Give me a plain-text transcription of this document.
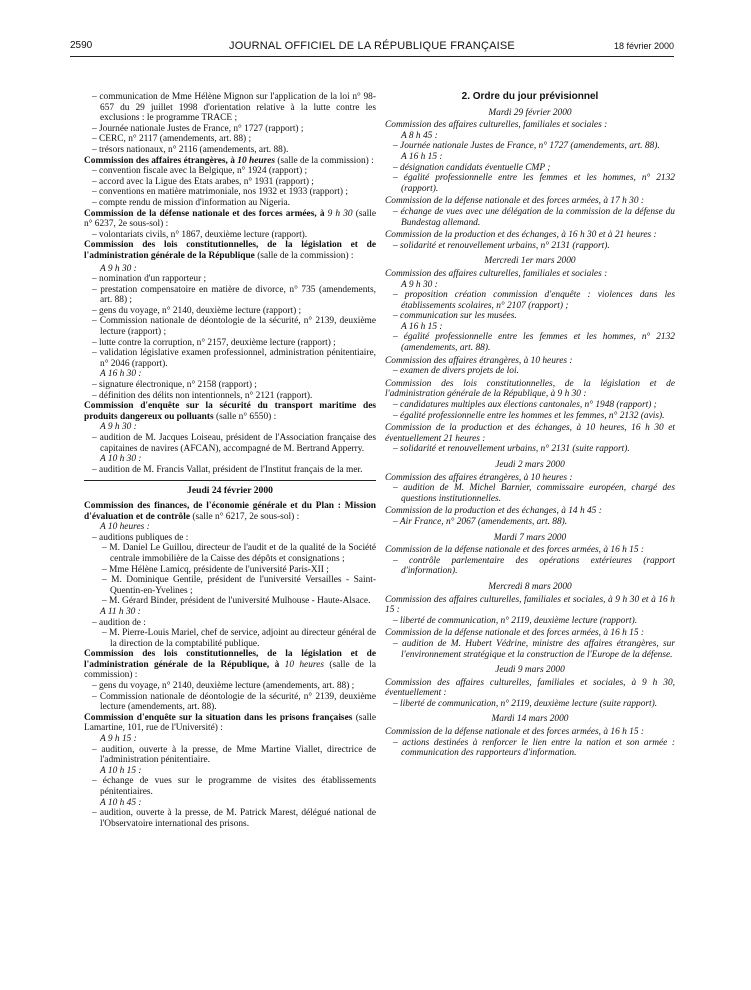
2590	JOURNAL OFFICIEL DE LA RÉPUBLIQUE FRANÇAISE	18 février 2000

– communication de Mme Hélène Mignon sur l'application de la loi n° 98-657 du 29 juillet 1998 d'orientation relative à la lutte contre les exclusions : le programme TRACE ;

– Journée nationale Justes de France, n° 1727 (rapport) ;

– CERC, n° 2117 (amendements, art. 88) ;

– trésors nationaux, n° 2116 (amendements, art. 88).

Commission des affaires étrangères, à 10 heures (salle de la commission) :

– convention fiscale avec la Belgique, n° 1924 (rapport) ;

– accord avec la Ligue des Etats arabes, n° 1931 (rapport) ;

– conventions en matière matrimoniale, nos 1932 et 1933 (rapport) ;

– compte rendu de mission d'information au Nigeria.

Commission de la défense nationale et des forces armées, à 9 h 30 (salle n° 6237, 2e sous-sol) :

– volontariats civils, n° 1867, deuxième lecture (rapport).

Commission des lois constitutionnelles, de la législation et de l'administration générale de la République (salle de la commission) :

A 9 h 30 :

– nomination d'un rapporteur ;

– prestation compensatoire en matière de divorce, n° 735 (amendements, art. 88) ;

– gens du voyage, n° 2140, deuxième lecture (rapport) ;

– Commission nationale de déontologie de la sécurité, n° 2139, deuxième lecture (rapport) ;

– lutte contre la corruption, n° 2157, deuxième lecture (rapport) ;

– validation législative examen professionnel, administration pénitentiaire, n° 2046 (rapport).

A 16 h 30 :

– signature électronique, n° 2158 (rapport) ;

– définition des délits non intentionnels, n° 2121 (rapport).

Commission d'enquête sur la sécurité du transport maritime des produits dangereux ou polluants (salle n° 6550) :

A 9 h 30 :

– audition de M. Jacques Loiseau, président de l'Association française des capitaines de navires (AFCAN), accompagné de M. Bertrand Apperry.

A 10 h 30 :

– audition de M. Francis Vallat, président de l'Institut français de la mer.

Jeudi 24 février 2000

Commission des finances, de l'économie générale et du Plan : Mission d'évaluation et de contrôle (salle n° 6217, 2e sous-sol) :

A 10 heures :

– auditions publiques de :

– M. Daniel Le Guillou, directeur de l'audit et de la qualité de la Société centrale immobilière de la Caisse des dépôts et consignations ;

– Mme Hélène Lamicq, présidente de l'université Paris-XII ;

– M. Dominique Gentile, président de l'université Versailles - Saint-Quentin-en-Yvelines ;

– M. Gérard Binder, président de l'université Mulhouse - Haute-Alsace.

A 11 h 30 :

– audition de :

– M. Pierre-Louis Mariel, chef de service, adjoint au directeur général de la direction de la comptabilité publique.

Commission des lois constitutionnelles, de la législation et de l'administration générale de la République, à 10 heures (salle de la commission) :

– gens du voyage, n° 2140, deuxième lecture (amendements, art. 88) ;

– Commission nationale de déontologie de la sécurité, n° 2139, deuxième lecture (amendements, art. 88).

Commission d'enquête sur la situation dans les prisons françaises (salle Lamartine, 101, rue de l'Université) :

A 9 h 15 :

– audition, ouverte à la presse, de Mme Martine Viallet, directrice de l'administration pénitentiaire.

A 10 h 15 :

– échange de vues sur le programme de visites des établissements pénitentiaires.

A 10 h 45 :

– audition, ouverte à la presse, de M. Patrick Marest, délégué national de l'Observatoire international des prisons.

2. Ordre du jour prévisionnel

Mardi 29 février 2000

Commission des affaires culturelles, familiales et sociales :

A 8 h 45 :

– Journée nationale Justes de France, n° 1727 (amendements, art. 88).

A 16 h 15 :

– désignation candidats éventuelle CMP ;

– égalité professionnelle entre les femmes et les hommes, n° 2132 (rapport).

Commission de la défense nationale et des forces armées, à 17 h 30 :

– échange de vues avec une délégation de la commission de la défense du Bundestag allemand.

Commission de la production et des échanges, à 16 h 30 et à 21 heures :

– solidarité et renouvellement urbains, n° 2131 (rapport).

Mercredi 1er mars 2000

Commission des affaires culturelles, familiales et sociales :

A 9 h 30 :

– proposition création commission d'enquête : violences dans les établissements scolaires, n° 2107 (rapport) ;

– communication sur les musées.

A 16 h 15 :

– égalité professionnelle entre les femmes et les hommes, n° 2132 (amendements, art. 88).

Commission des affaires étrangères, à 10 heures :

– examen de divers projets de loi.

Commission des lois constitutionnelles, de la législation et de l'administration générale de la République, à 9 h 30 :

– candidatures multiples aux élections cantonales, n° 1948 (rapport) ;

– égalité professionnelle entre les hommes et les femmes, n° 2132 (avis).

Commission de la production et des échanges, à 10 heures, 16 h 30 et éventuellement 21 heures :

– solidarité et renouvellement urbains, n° 2131 (suite rapport).

Jeudi 2 mars 2000

Commission des affaires étrangères, à 10 heures :

– audition de M. Michel Barnier, commissaire européen, chargé des questions institutionnelles.

Commission de la production et des échanges, à 14 h 45 :

– Air France, n° 2067 (amendements, art. 88).

Mardi 7 mars 2000

Commission de la défense nationale et des forces armées, à 16 h 15 :

– contrôle parlementaire des opérations extérieures (rapport d'information).

Mercredi 8 mars 2000

Commission des affaires culturelles, familiales et sociales, à 9 h 30 et à 16 h 15 :

– liberté de communication, n° 2119, deuxième lecture (rapport).

Commission de la défense nationale et des forces armées, à 16 h 15 :

– audition de M. Hubert Védrine, ministre des affaires étrangères, sur l'environnement stratégique et la construction de l'Europe de la défense.

Jeudi 9 mars 2000

Commission des affaires culturelles, familiales et sociales, à 9 h 30, éventuellement :

– liberté de communication, n° 2119, deuxième lecture (suite rapport).

Mardi 14 mars 2000

Commission de la défense nationale et des forces armées, à 16 h 15 :

– actions destinées à renforcer le lien entre la nation et son armée : communication des rapporteurs d'information.
